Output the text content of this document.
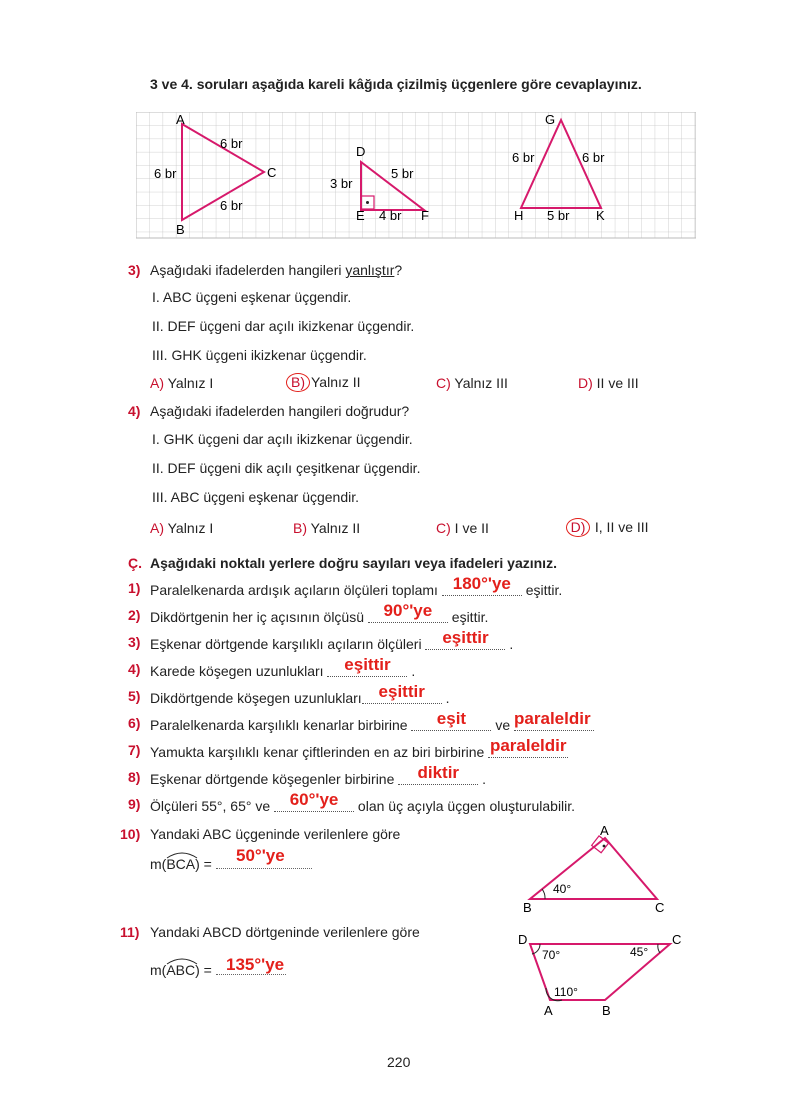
3 ve 4. soruları aşağıda kareli kâğıda çizilmiş üçgenlere göre cevaplayınız.
A
B
C
6 br
6 br
6 br
D
E	F
3 br
5 br
4 br
G
H	K
6 br	6 br
5 br
3) Aşağıdaki ifadelerden hangileri yanlıştır?
I. ABC üçgeni eşkenar üçgendir.
II. DEF üçgeni dar açılı ikizkenar üçgendir.
III. GHK üçgeni ikizkenar üçgendir.
A) Yalnız I	B) Yalnız II	C) Yalnız III	D) II ve III
4) Aşağıdaki ifadelerden hangileri doğrudur?
I. GHK üçgeni dar açılı ikizkenar üçgendir.
II. DEF üçgeni dik açılı çeşitkenar üçgendir.
III. ABC üçgeni eşkenar üçgendir.
A) Yalnız I	B) Yalnız II	C) I ve II	D) I, II ve III
Ç. Aşağıdaki noktalı yerlere doğru sayıları veya ifadeleri yazınız.
1) Paralelkenarda ardışık açıların ölçüleri toplamı 180°'ye eşittir.
2) Dikdörtgenin her iç açısının ölçüsü 90°'ye eşittir.
3) Eşkenar dörtgende karşılıklı açıların ölçüleri eşittir .
4) Karede köşegen uzunlukları eşittir .
5) Dikdörtgende köşegen uzunlukları eşittir .
6) Paralelkenarda karşılıklı kenarlar birbirine eşit ve paraleldir
7) Yamukta karşılıklı kenar çiftlerinden en az biri birbirine paraleldir
8) Eşkenar dörtgende köşegenler birbirine diktir .
9) Ölçüleri 55°, 65° ve 60°'ye olan üç açıyla üçgen oluşturulabilir.
10) Yandaki ABC üçgeninde verilenlere göre
m(BCA
) =	50°'ye
A
B	C
40°
11) Yandaki ABCD dörtgeninde verilenlere göre
m(ABC
) = 135°'ye
D	C
A	B
70°	45°
110°
220
